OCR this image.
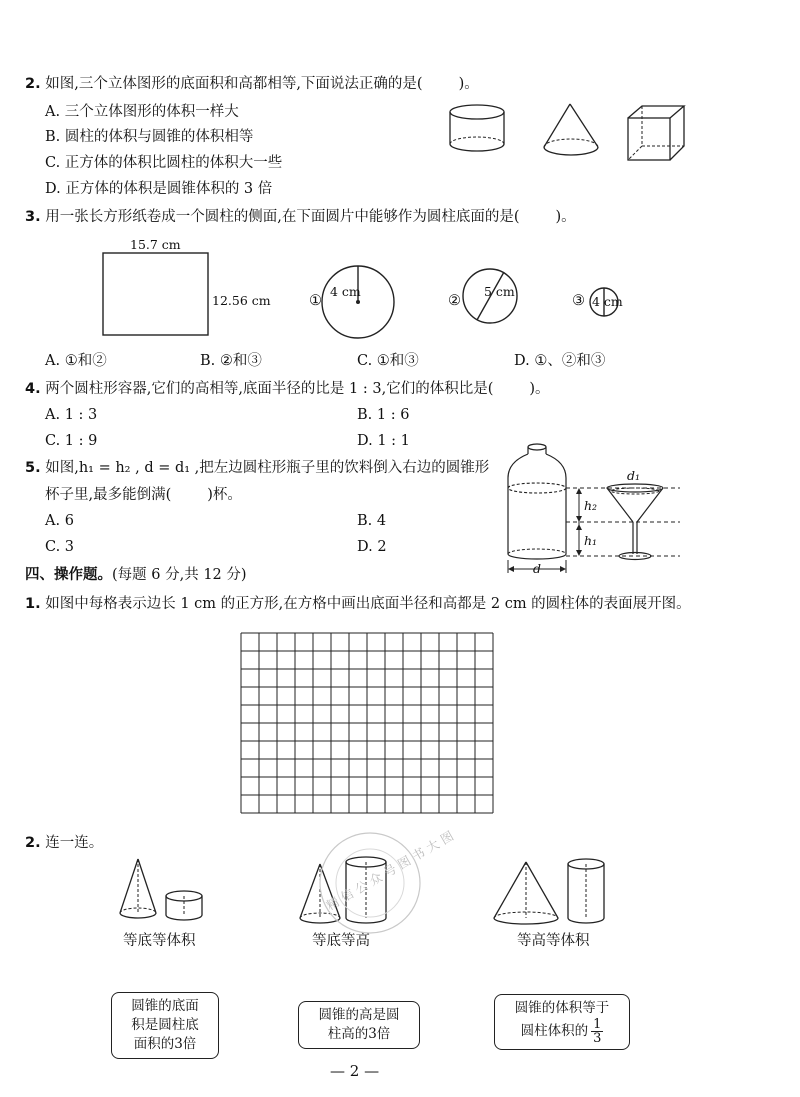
2. 如图,三个立体图形的底面积和高都相等,下面说法正确的是( )。
A. 三个立体图形的体积一样大
B. 圆柱的体积与圆锥的体积相等
C. 正方体的体积比圆柱的体积大一些
D. 正方体的体积是圆锥体积的 3 倍
3. 用一张长方形纸卷成一个圆柱的侧面,在下面圆片中能够作为圆柱底面的是( )。
15.7 cm
12.56 cm	①
4 cm
②
5 cm
③ 4 cm
A. ①和②	B. ②和③	C. ①和③	D. ①、②和③
4. 两个圆柱形容器,它们的高相等,底面半径的比是 1 : 3,它们的体积比是( )。
A. 1 : 3	B. 1 : 6
C. 1 : 9	D. 1 : 1
5. 如图,h₁ = h₂ , d = d₁ ,把左边圆柱形瓶子里的饮料倒入右边的圆锥形
杯子里,最多能倒满( )杯。
A. 6	B. 4
C. 3	D. 2
d₁
h₂
h₁
d
四、操作题。(每题 6 分,共 12 分)
1. 如图中每格表示边长 1 cm 的正方形,在方格中画出底面半径和高都是 2 cm 的圆柱体的表面展开图。
2. 连一连。
等底等体积	等底等高	等高等体积
精 信 公 众 号 图 书 大 图
圆锥的底面
积是圆柱底
面积的3倍
圆锥的高是圆
柱高的3倍
圆锥的体积等于
圆柱体积的 $\frac{1}{3}$
— 2 —
